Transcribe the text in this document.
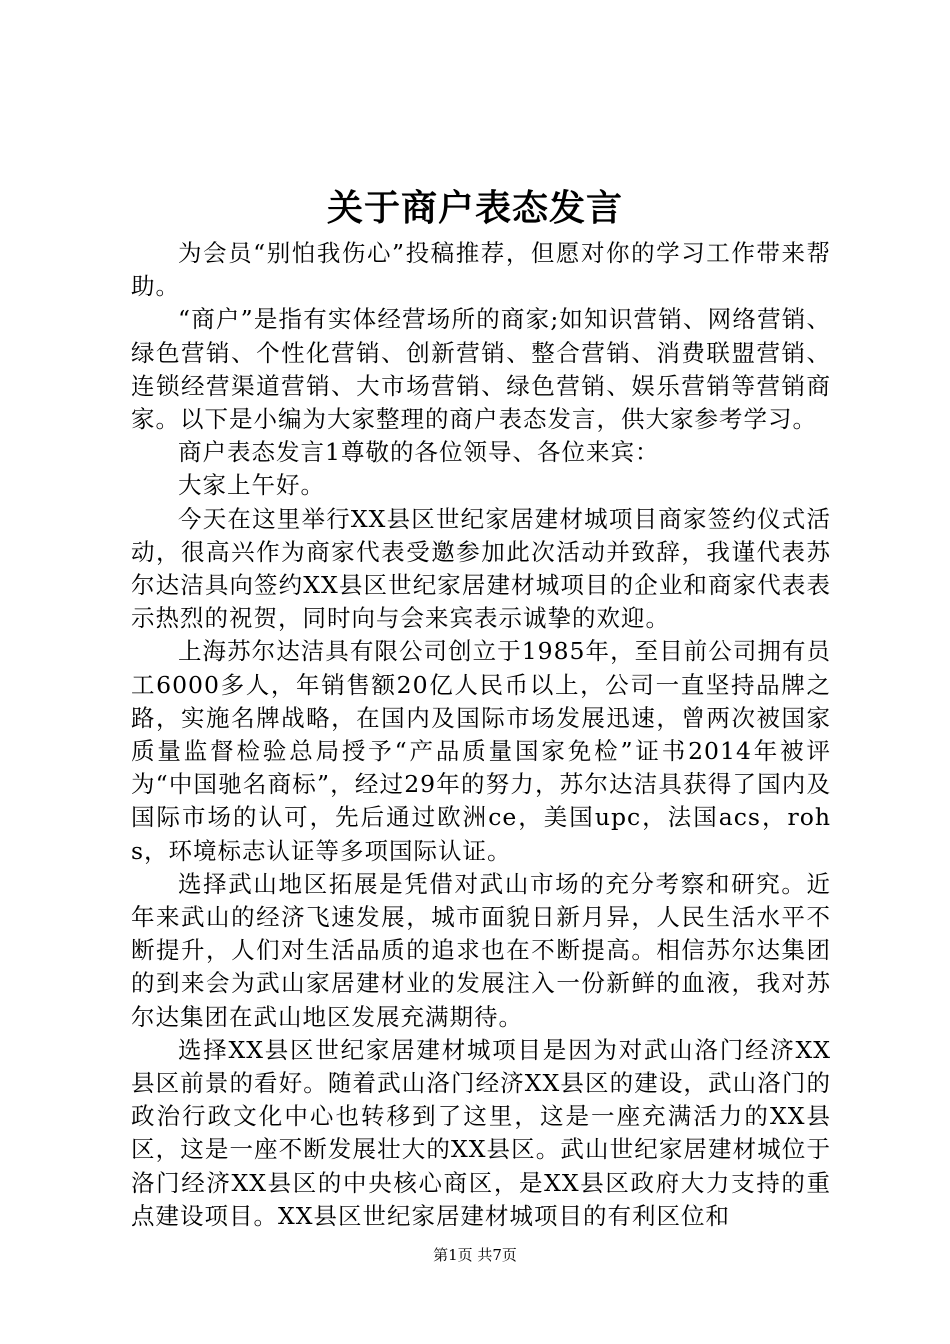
关于商户表态发言

为会员“别怕我伤心”投稿推荐，但愿对你的学习工作带来帮助。

“商户”是指有实体经营场所的商家;如知识营销、网络营销、绿色营销、个性化营销、创新营销、整合营销、消费联盟营销、连锁经营渠道营销、大市场营销、绿色营销、娱乐营销等营销商家。以下是小编为大家整理的商户表态发言，供大家参考学习。

商户表态发言1尊敬的各位领导、各位来宾：

大家上午好。

今天在这里举行XX县区世纪家居建材城项目商家签约仪式活动，很高兴作为商家代表受邀参加此次活动并致辞，我谨代表苏尔达洁具向签约XX县区世纪家居建材城项目的企业和商家代表表示热烈的祝贺，同时向与会来宾表示诚挚的欢迎。

上海苏尔达洁具有限公司创立于1985年，至目前公司拥有员工6000多人，年销售额20亿人民币以上，公司一直坚持品牌之路，实施名牌战略，在国内及国际市场发展迅速，曾两次被国家质量监督检验总局授予“产品质量国家免检”证书2014年被评为“中国驰名商标”，经过29年的努力，苏尔达洁具获得了国内及国际市场的认可，先后通过欧洲ce，美国upc，法国acs，rohs，环境标志认证等多项国际认证。

选择武山地区拓展是凭借对武山市场的充分考察和研究。近年来武山的经济飞速发展，城市面貌日新月异，人民生活水平不断提升，人们对生活品质的追求也在不断提高。相信苏尔达集团的到来会为武山家居建材业的发展注入一份新鲜的血液，我对苏尔达集团在武山地区发展充满期待。

选择XX县区世纪家居建材城项目是因为对武山洛门经济XX县区前景的看好。随着武山洛门经济XX县区的建设，武山洛门的政治行政文化中心也转移到了这里，这是一座充满活力的XX县区，这是一座不断发展壮大的XX县区。武山世纪家居建材城位于洛门经济XX县区的中央核心商区，是XX县区政府大力支持的重点建设项目。XX县区世纪家居建材城项目的有利区位和

第1页 共7页
